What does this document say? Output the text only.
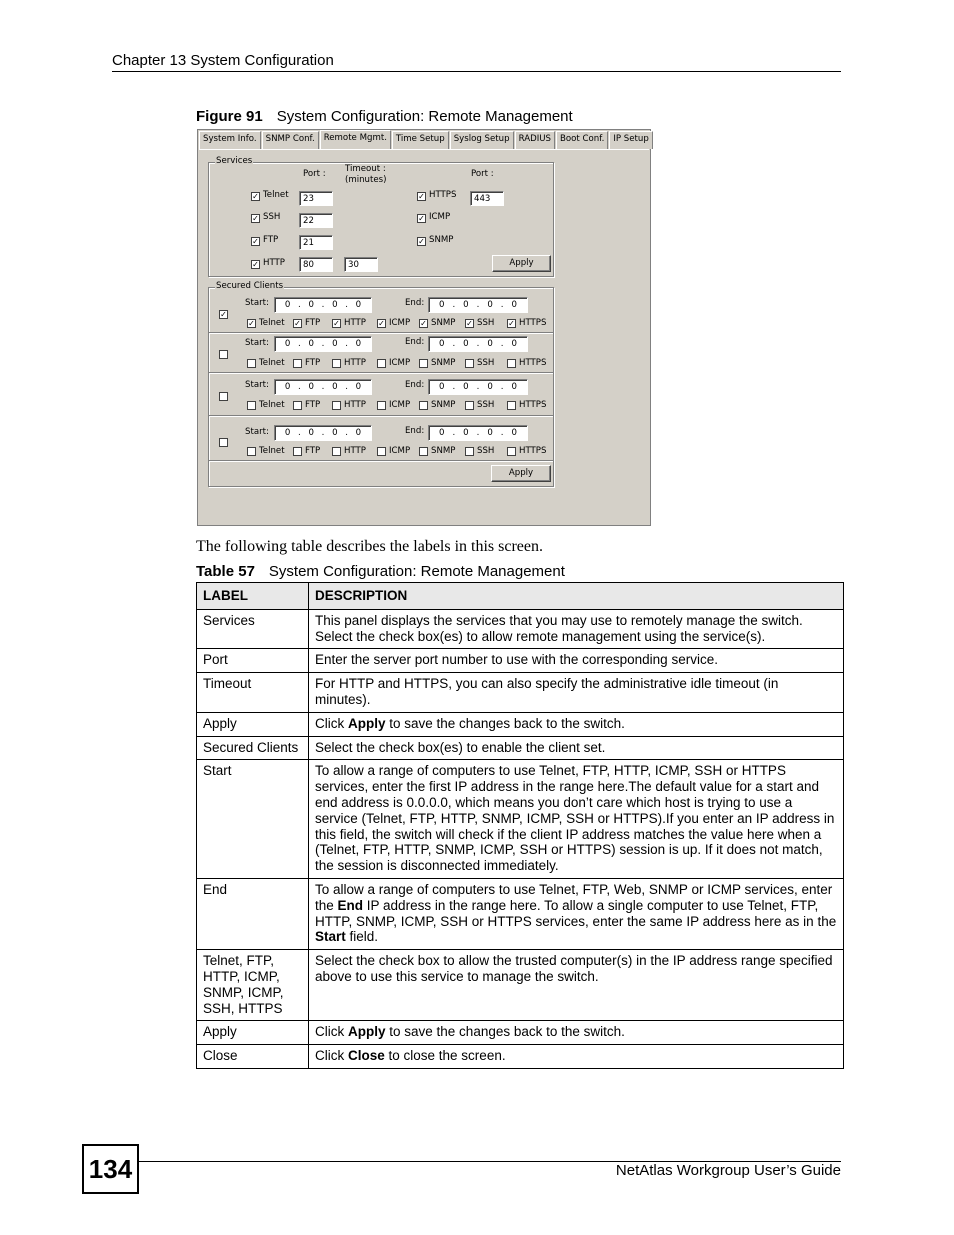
Chapter 13 System Configuration
Figure 91 System Configuration: Remote Management
System Info.	SNMP Conf.	Remote Mgmt.	Time Setup	Syslog Setup	RADIUS	Boot Conf.	IP Setup
Services
Port : Timeout :
(minutes)
Port :
✓ Telnet	23
✓ SSH	22
✓ FTP	21
✓ HTTP	80	30
✓ HTTPS	443
✓ ICMP
✓ SNMP
Apply
Secured Clients
✓
Start: 0 . 0 . 0 . 0	End: 0 . 0 . 0 . 0
✓ Telnet ✓ FTP ✓ HTTP ✓ ICMP ✓ SNMP ✓ SSH ✓ HTTPS
Start: 0 . 0 . 0 . 0	End: 0 . 0 . 0 . 0
Telnet FTP	HTTP	ICMP SNMP	SSH	HTTPS
Start: 0 . 0 . 0 . 0	End: 0 . 0 . 0 . 0
Telnet FTP	HTTP	ICMP SNMP	SSH	HTTPS
Start: 0 . 0 . 0 . 0	End: 0 . 0 . 0 . 0
Telnet FTP	HTTP	ICMP SNMP	SSH	HTTPS
Apply
The following table describes the labels in this screen.
Table 57 System Configuration: Remote Management
LABEL	DESCRIPTION
Services	This panel displays the services that you may use to remotely manage the switch. Select the check box(es) to allow remote management using the service(s).
Port	Enter the server port number to use with the corresponding service.
Timeout	For HTTP and HTTPS, you can also specify the administrative idle timeout (in minutes).
Apply	Click Apply to save the changes back to the switch.
Secured Clients	Select the check box(es) to enable the client set.
Start	To allow a range of computers to use Telnet, FTP, HTTP, ICMP, SSH or HTTPS services, enter the first IP address in the range here.The default value for a start and end address is 0.0.0.0, which means you don’t care which host is trying to use a service (Telnet, FTP, HTTP, SNMP, ICMP, SSH or HTTPS).If you enter an IP address in this field, the switch will check if the client IP address matches the value here when a (Telnet, FTP, HTTP, SNMP, ICMP, SSH or HTTPS) session is up. If it does not match, the session is disconnected immediately.
End	To allow a range of computers to use Telnet, FTP, Web, SNMP or ICMP services, enter the End IP address in the range here. To allow a single computer to use Telnet, FTP, HTTP, SNMP, ICMP, SSH or HTTPS services, enter the same IP address here as in the Start field.
Telnet, FTP, HTTP, ICMP, SNMP, ICMP, SSH, HTTPS	Select the check box to allow the trusted computer(s) in the IP address range specified above to use this service to manage the switch.
Apply	Click Apply to save the changes back to the switch.
Close	Click Close to close the screen.
134	NetAtlas Workgroup User’s Guide
